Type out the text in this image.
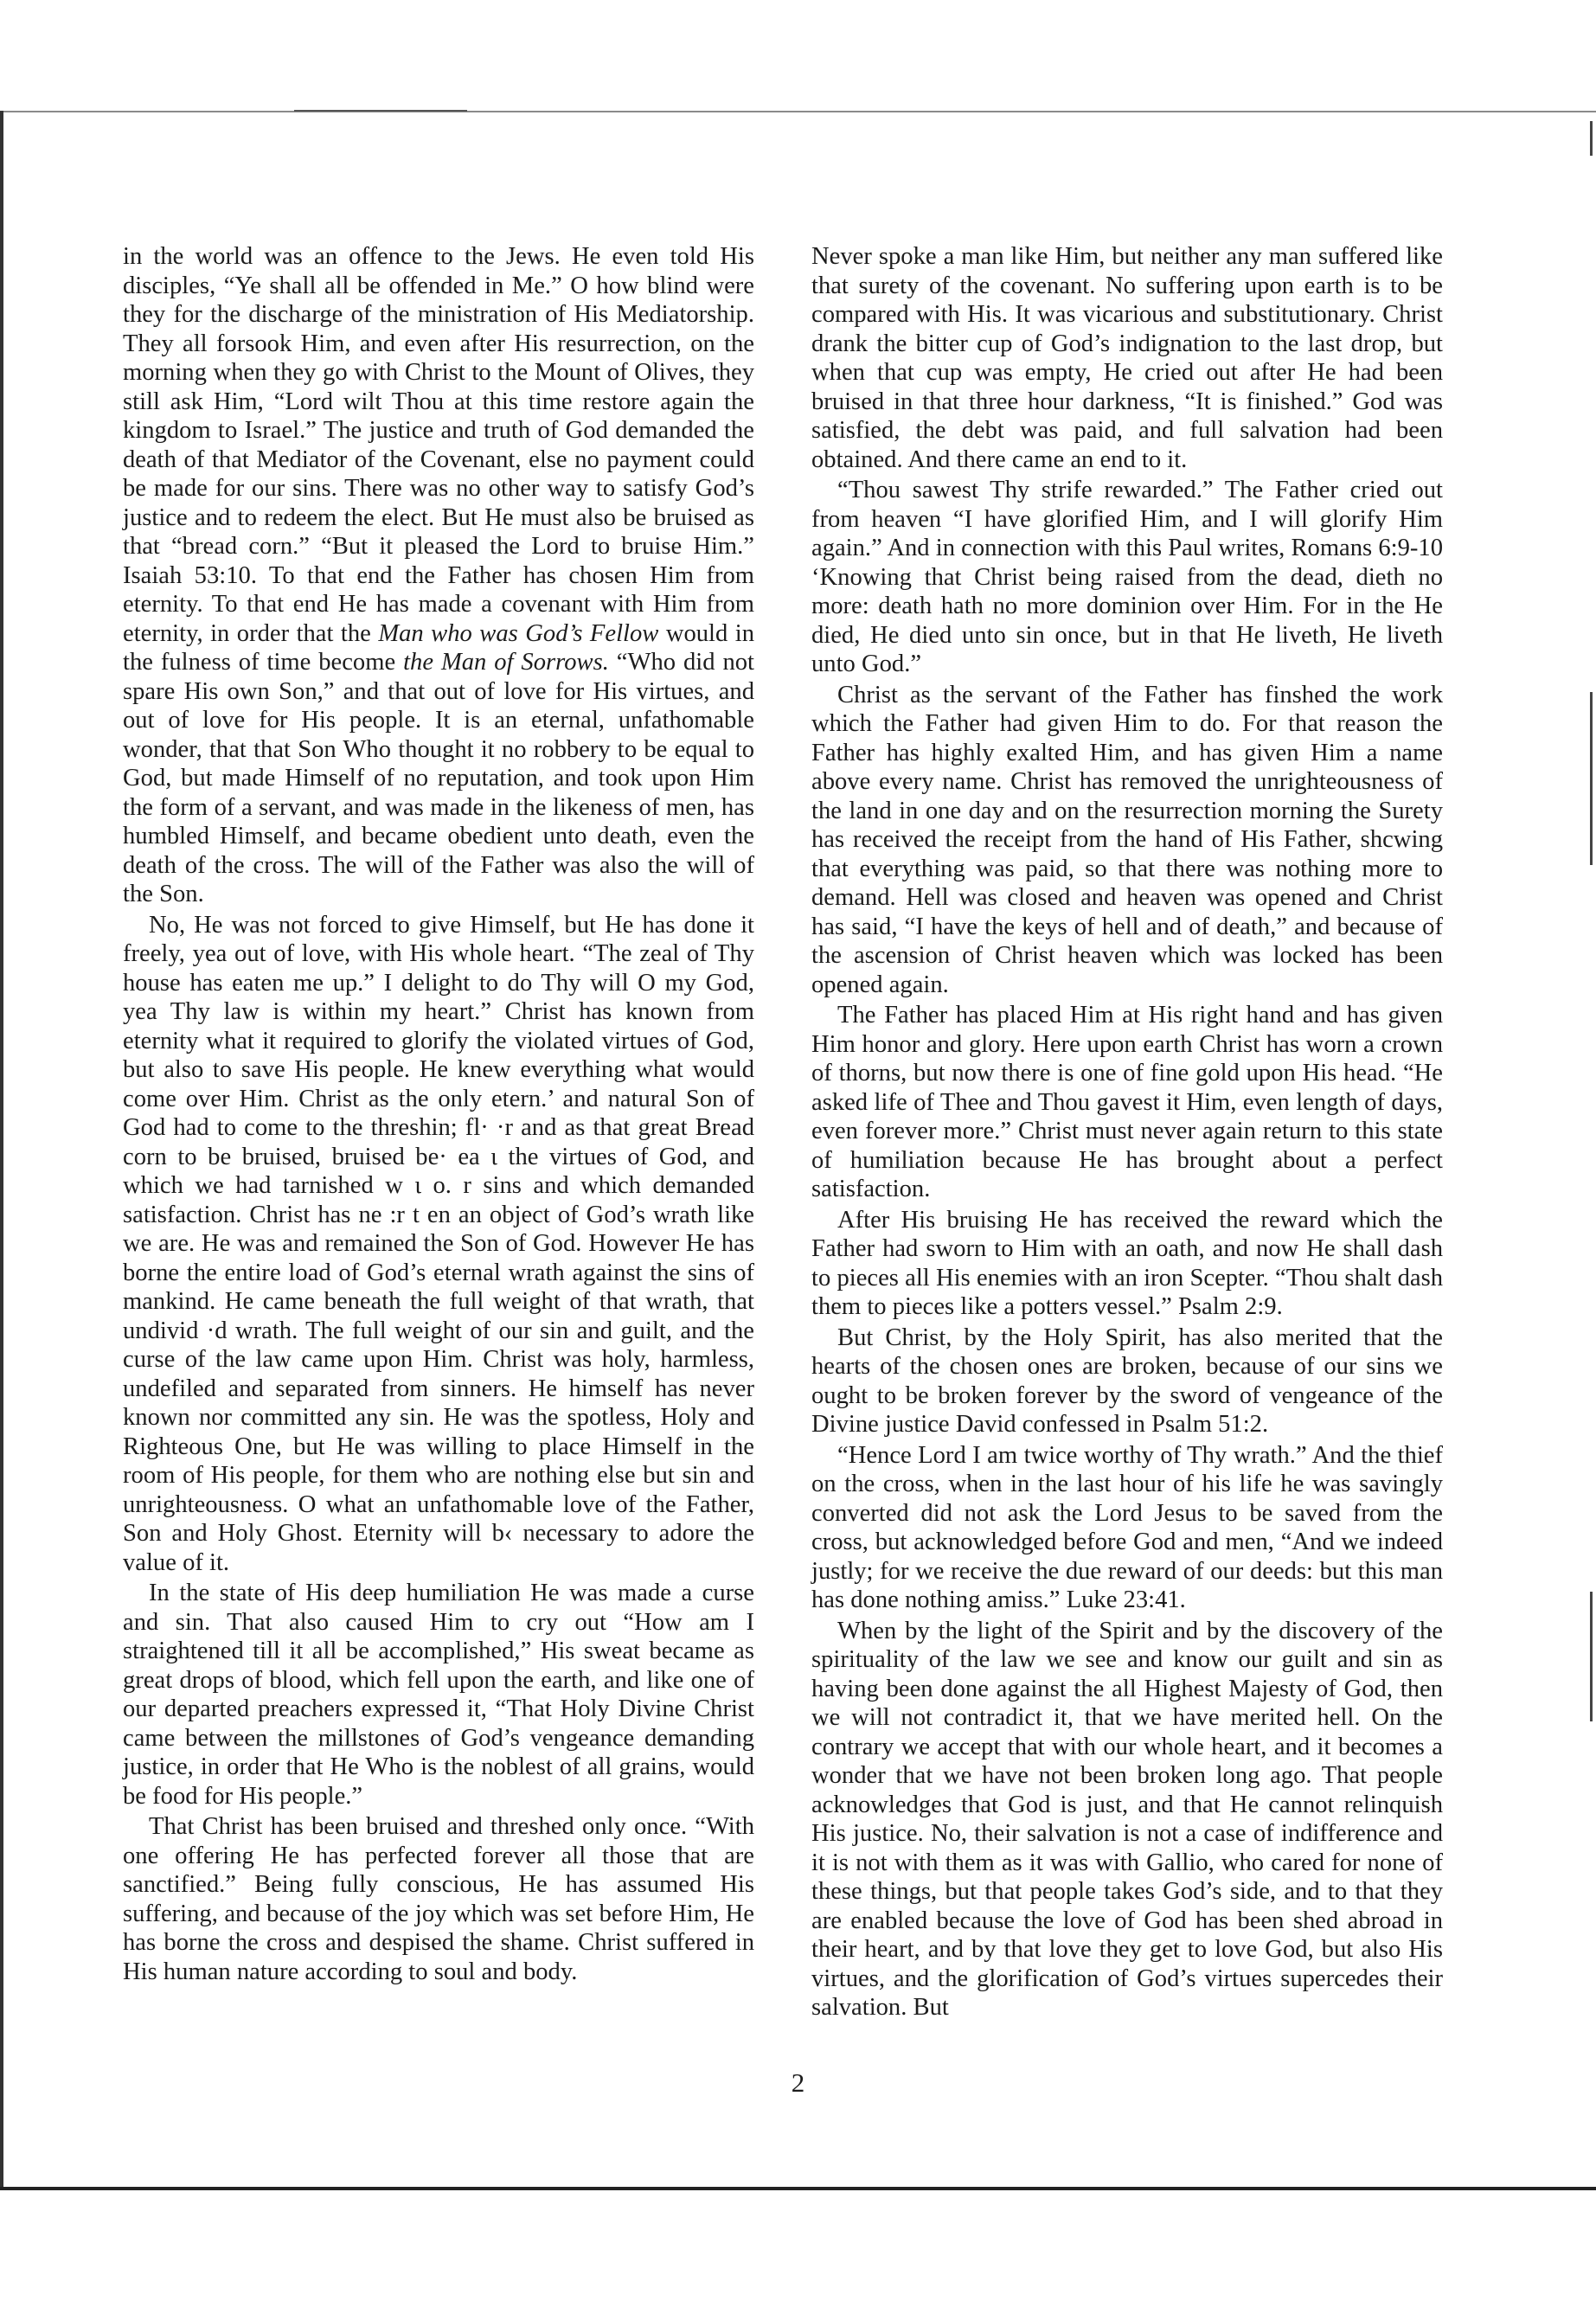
in the world was an offence to the Jews. He even told His disciples, “Ye shall all be offended in Me.” O how blind were they for the discharge of the ministration of His Mediatorship. They all forsook Him, and even after His resurrection, on the morning when they go with Christ to the Mount of Olives, they still ask Him, “Lord wilt Thou at this time restore again the kingdom to Israel.” The justice and truth of God demanded the death of that Mediator of the Covenant, else no payment could be made for our sins. There was no other way to satisfy God’s justice and to redeem the elect. But He must also be bruised as that “bread corn.” “But it pleased the Lord to bruise Him.” Isaiah 53:10. To that end the Father has chosen Him from eternity. To that end He has made a covenant with Him from eternity, in order that the Man who was God’s Fellow would in the fulness of time become the Man of Sorrows. “Who did not spare His own Son,” and that out of love for His virtues, and out of love for His people. It is an eternal, unfathomable wonder, that that Son Who thought it no robbery to be equal to God, but made Himself of no reputation, and took upon Him the form of a servant, and was made in the likeness of men, has humbled Himself, and became obedient unto death, even the death of the cross. The will of the Father was also the will of the Son.

No, He was not forced to give Himself, but He has done it freely, yea out of love, with His whole heart. “The zeal of Thy house has eaten me up.” I delight to do Thy will O my God, yea Thy law is within my heart.” Christ has known from eternity what it required to glorify the violated virtues of God, but also to save His people. He knew everything what would come over Him. Christ as the only etern.’ and natural Son of God had to come to the threshin; fl· ·r and as that great Bread corn to be bruised, bruised be· ea ι the virtues of God, and which we had tarnished w ι o. r sins and which demanded satisfaction. Christ has ne :r t en an object of God’s wrath like we are. He was and remained the Son of God. However He has borne the entire load of God’s eternal wrath against the sins of mankind. He came beneath the full weight of that wrath, that undivid ·d wrath. The full weight of our sin and guilt, and the curse of the law came upon Him. Christ was holy, harmless, undefiled and separated from sinners. He himself has never known nor committed any sin. He was the spotless, Holy and Righteous One, but He was willing to place Himself in the room of His people, for them who are nothing else but sin and unrighteousness. O what an unfathomable love of the Father, Son and Holy Ghost. Eternity will b‹ necessary to adore the value of it.

In the state of His deep humiliation He was made a curse and sin. That also caused Him to cry out “How am I straightened till it all be accomplished,” His sweat became as great drops of blood, which fell upon the earth, and like one of our departed preachers expressed it, “That Holy Divine Christ came between the millstones of God’s vengeance demanding justice, in order that He Who is the noblest of all grains, would be food for His people.”

That Christ has been bruised and threshed only once. “With one offering He has perfected forever all those that are sanctified.” Being fully conscious, He has assumed His suffering, and because of the joy which was set before Him, He has borne the cross and despised the shame. Christ suffered in His human nature according to soul and body.

Never spoke a man like Him, but neither any man suffered like that surety of the covenant. No suffering upon earth is to be compared with His. It was vicarious and substitutionary. Christ drank the bitter cup of God’s indignation to the last drop, but when that cup was empty, He cried out after He had been bruised in that three hour darkness, “It is finished.” God was satisfied, the debt was paid, and full salvation had been obtained. And there came an end to it.

“Thou sawest Thy strife rewarded.” The Father cried out from heaven “I have glorified Him, and I will glorify Him again.” And in connection with this Paul writes, Romans 6:9-10 ‘Knowing that Christ being raised from the dead, dieth no more: death hath no more dominion over Him. For in the He died, He died unto sin once, but in that He liveth, He liveth unto God.”

Christ as the servant of the Father has finshed the work which the Father had given Him to do. For that reason the Father has highly exalted Him, and has given Him a name above every name. Christ has removed the unrighteousness of the land in one day and on the resurrection morning the Surety has received the receipt from the hand of His Father, shcwing that everything was paid, so that there was nothing more to demand. Hell was closed and heaven was opened and Christ has said, “I have the keys of hell and of death,” and because of the ascension of Christ heaven which was locked has been opened again.

The Father has placed Him at His right hand and has given Him honor and glory. Here upon earth Christ has worn a crown of thorns, but now there is one of fine gold upon His head. “He asked life of Thee and Thou gavest it Him, even length of days, even forever more.” Christ must never again return to this state of humiliation because He has brought about a perfect satisfaction.

After His bruising He has received the reward which the Father had sworn to Him with an oath, and now He shall dash to pieces all His enemies with an iron Scepter. “Thou shalt dash them to pieces like a potters vessel.” Psalm 2:9.

But Christ, by the Holy Spirit, has also merited that the hearts of the chosen ones are broken, because of our sins we ought to be broken forever by the sword of vengeance of the Divine justice David confessed in Psalm 51:2.

“Hence Lord I am twice worthy of Thy wrath.” And the thief on the cross, when in the last hour of his life he was savingly converted did not ask the Lord Jesus to be saved from the cross, but acknowledged before God and men, “And we indeed justly; for we receive the due reward of our deeds: but this man has done nothing amiss.” Luke 23:41.

When by the light of the Spirit and by the discovery of the spirituality of the law we see and know our guilt and sin as having been done against the all Highest Majesty of God, then we will not contradict it, that we have merited hell. On the contrary we accept that with our whole heart, and it becomes a wonder that we have not been broken long ago. That people acknowledges that God is just, and that He cannot relinquish His justice. No, their salvation is not a case of indifference and it is not with them as it was with Gallio, who cared for none of these things, but that people takes God’s side, and to that they are enabled because the love of God has been shed abroad in their heart, and by that love they get to love God, but also His virtues, and the glorification of God’s virtues supercedes their salvation. But

2
